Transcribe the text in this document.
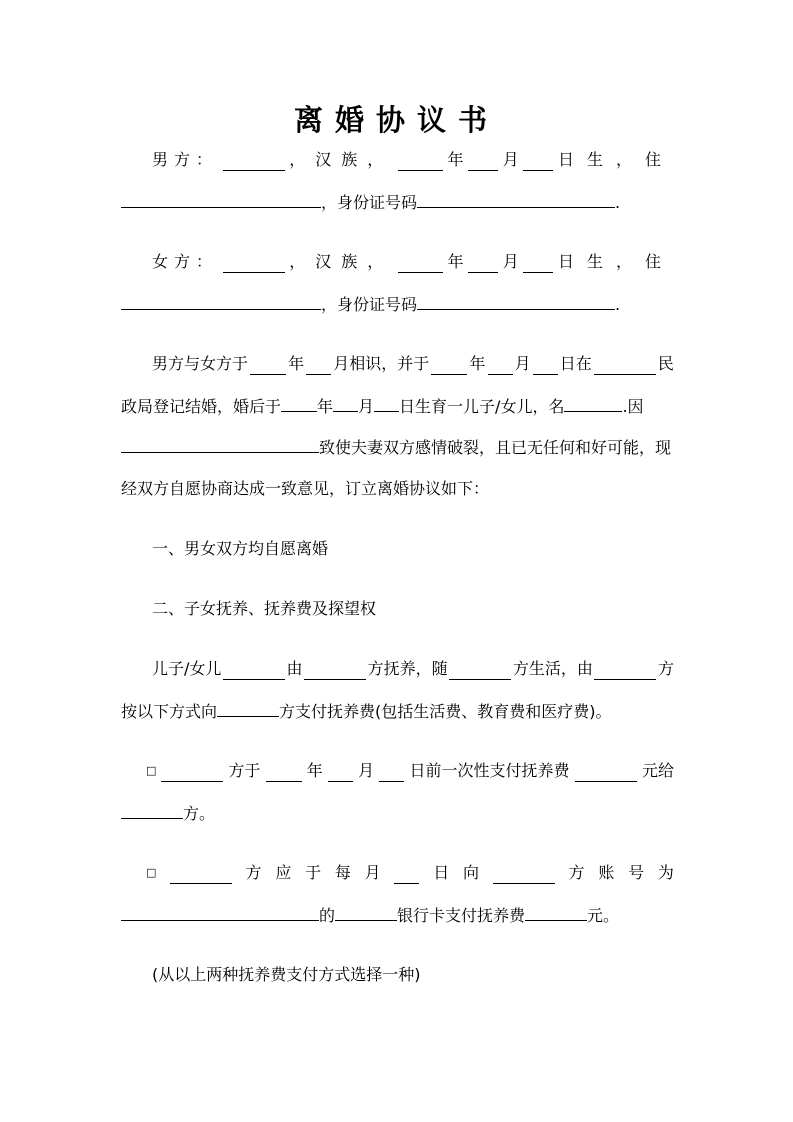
离婚协议书
男方：	，汉族，	年 月 日生，住
，身份证号码	.
女方：	，汉族，	年 月 日生，住
，身份证号码	.
男方与女方于	年 月相识，并于	年 月 日在	民
政局登记结婚，婚后于 年 月 日生育一儿子/女儿，名	.因
致使夫妻双方感情破裂，且已无任何和好可能，现
经双方自愿协商达成一致意见，订立离婚协议如下：
一、男女双方均自愿离婚
二、子女抚养、抚养费及探望权
儿子/女儿	由	方抚养，随	方生活，由	方
按以下方式向	方支付抚养费(包括生活费、教育费和医疗费)。
□	方于	年 月 日前一次性支付抚养费	元给
方。
□	方 应 于 每 月	日 向	方 账 号 为
的	银行卡支付抚养费	元。
(从以上两种抚养费支付方式选择一种)
